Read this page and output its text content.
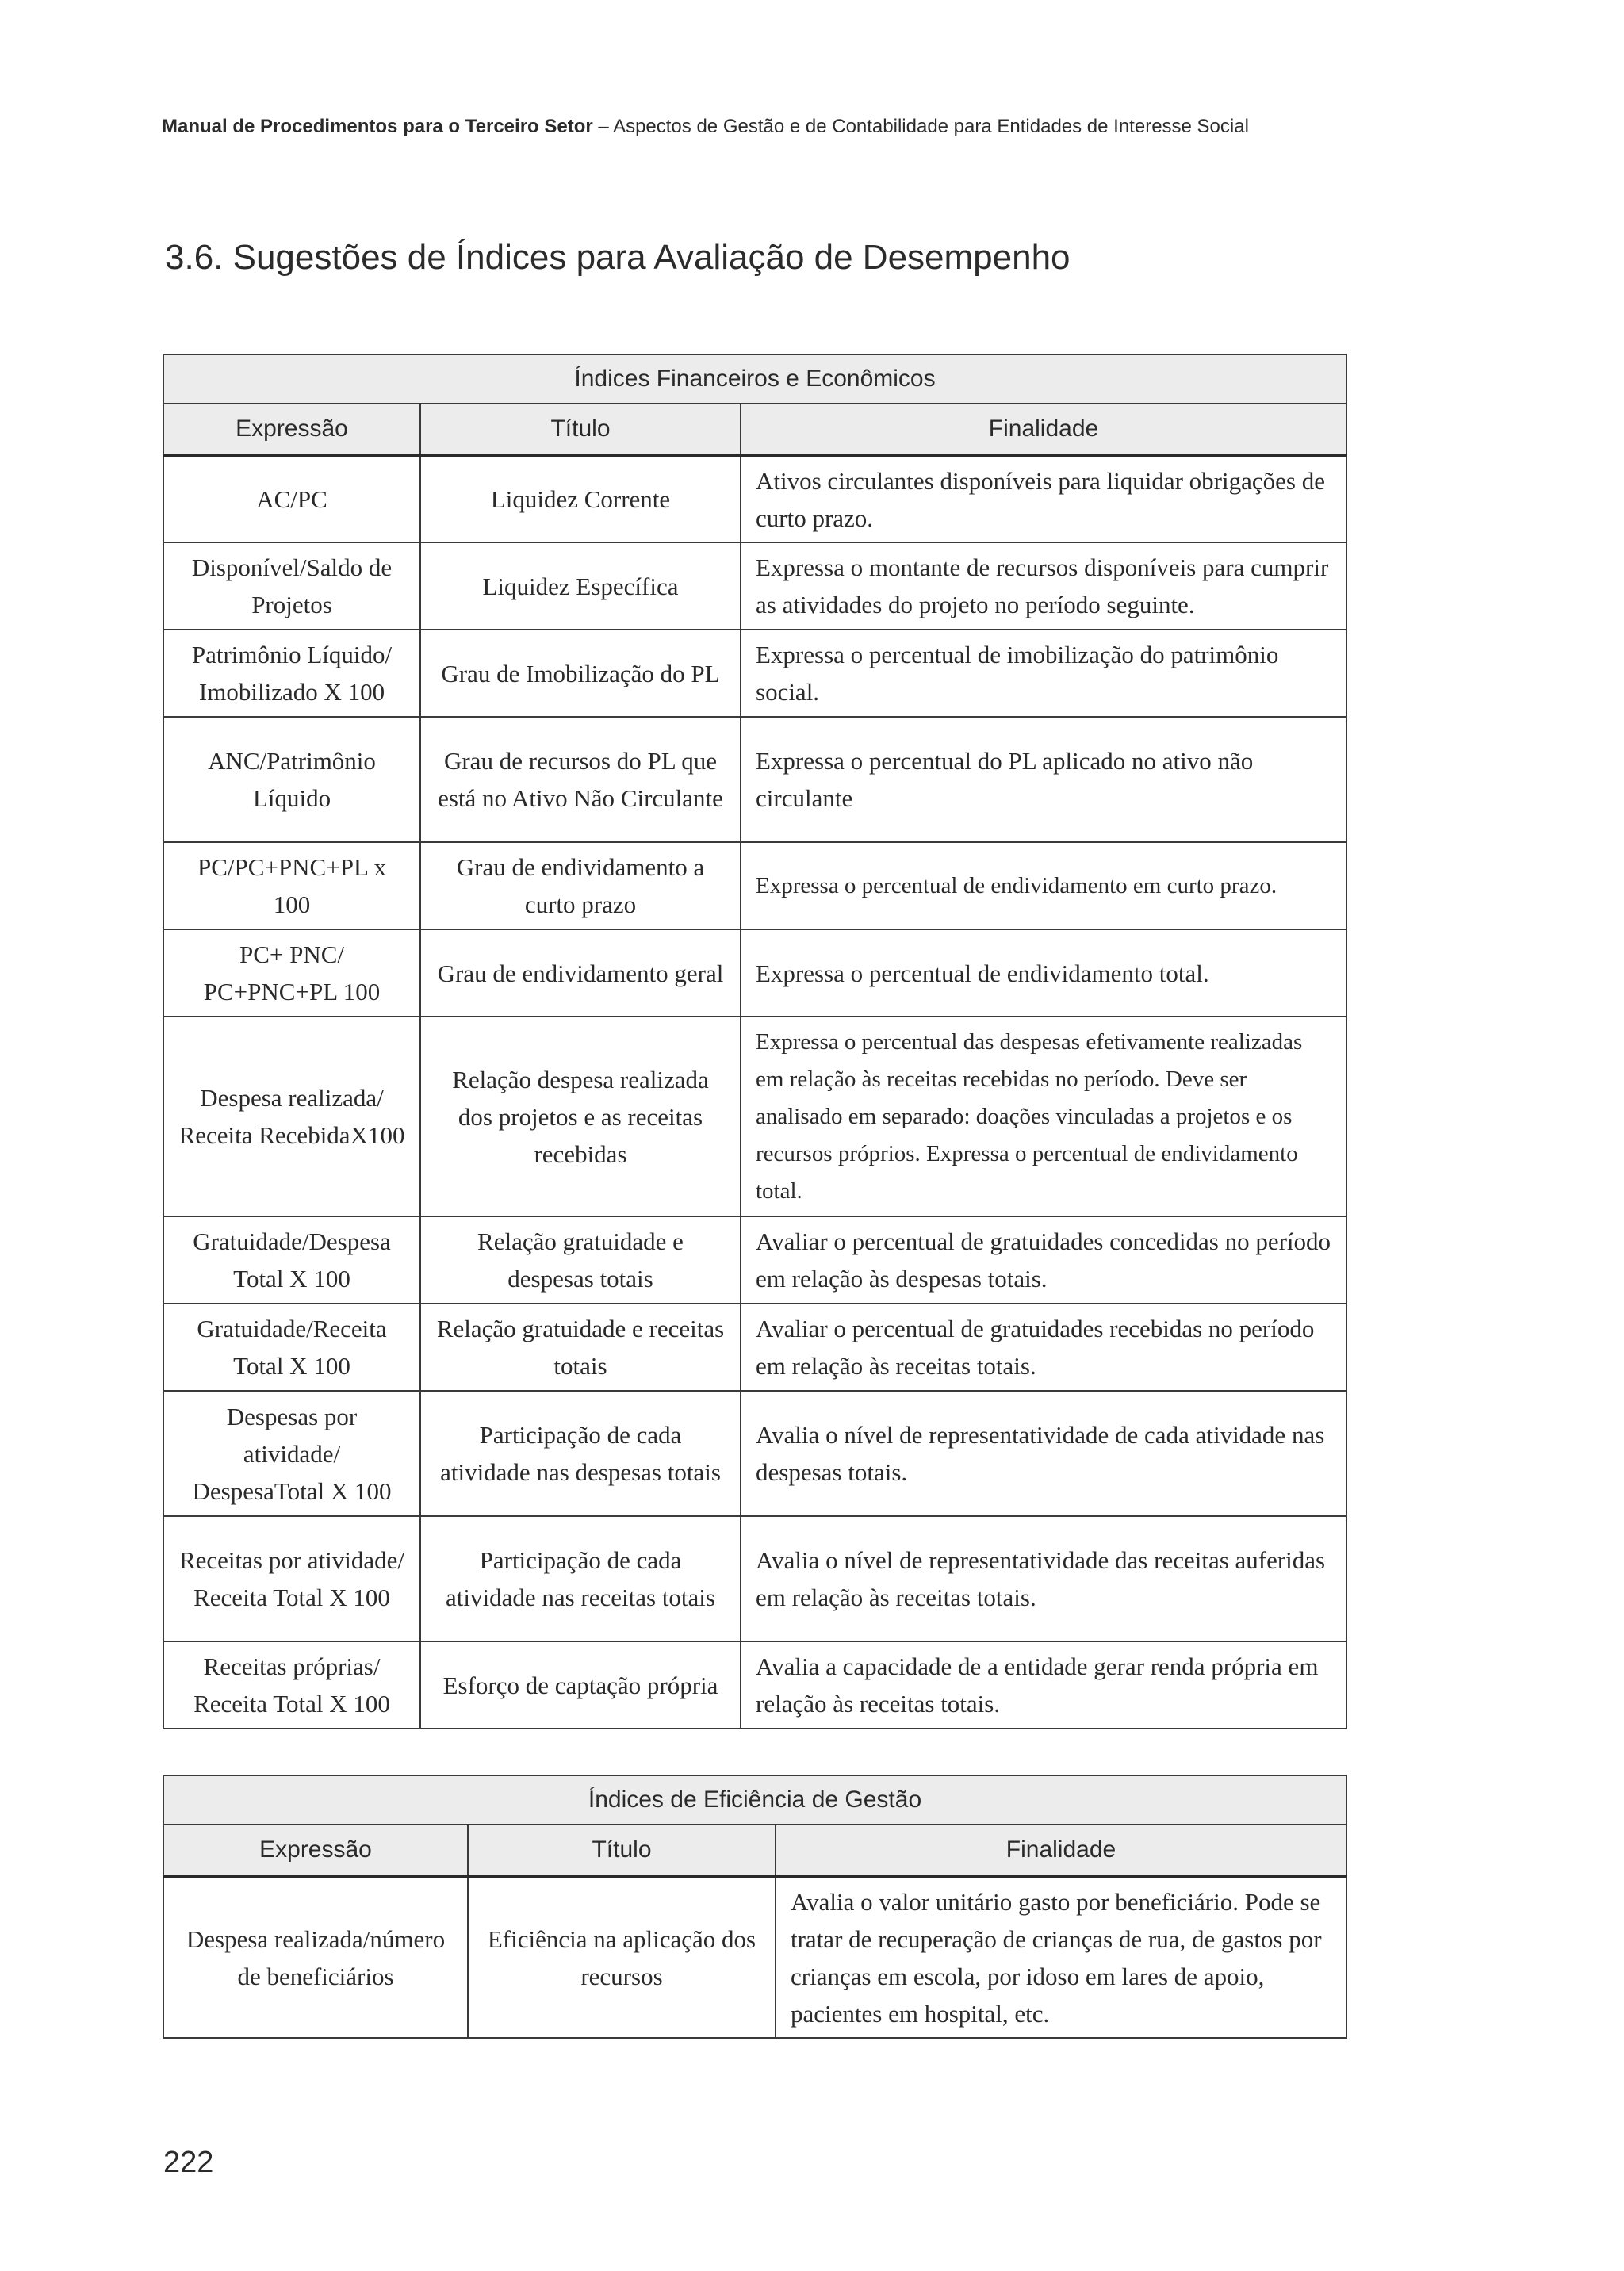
Manual de Procedimentos para o Terceiro Setor – Aspectos de Gestão e de Contabilidade para Entidades de Interesse Social
3.6. Sugestões de Índices para Avaliação de Desempenho
Índices Financeiros e Econômicos		
Expressão	Título	Finalidade
AC/PC	Liquidez Corrente	Ativos circulantes disponíveis para liquidar obrigações de curto prazo.
Disponível/Saldo de Projetos	Liquidez Específica	Expressa o montante de recursos disponíveis para cumprir as atividades do projeto no período seguinte.
Patrimônio Líquido/ Imobilizado X 100	Grau de Imobilização do PL	Expressa o percentual de imobilização do patrimônio social.
ANC/Patrimônio Líquido	Grau de recursos do PL que está no Ativo Não Circulante	Expressa o percentual do PL aplicado no ativo não circulante
PC/PC+PNC+PL x 100	Grau de endividamento a curto prazo	Expressa o percentual de endividamento em curto prazo.
PC+ PNC/ PC+PNC+PL 100	Grau de endividamento geral	Expressa o percentual de endividamento total.
Despesa realizada/ Receita RecebidaX100	Relação despesa realizada dos projetos e as receitas recebidas	Expressa o percentual das despesas efetivamente realizadas em relação às receitas recebidas no período. Deve ser analisado em separado: doações vinculadas a projetos e os recursos próprios. Expressa o percentual de endividamento total.
Gratuidade/Despesa Total X 100	Relação gratuidade e despesas totais	Avaliar o percentual de gratuidades concedidas no período em relação às despesas totais.
Gratuidade/Receita Total X 100	Relação gratuidade e receitas totais	Avaliar o percentual de gratuidades recebidas no período em relação às receitas totais.
Despesas por atividade/ DespesaTotal X 100	Participação de cada atividade nas despesas totais	Avalia o nível de representatividade de cada atividade nas despesas totais.
Receitas por atividade/ Receita Total X 100	Participação de cada atividade nas receitas totais	Avalia o nível de representatividade das receitas auferidas em relação às receitas totais.
Receitas próprias/ Receita Total X 100	Esforço de captação própria	Avalia a capacidade de a entidade gerar renda própria em relação às receitas totais.
Índices de Eficiência de Gestão		
Expressão	Título	Finalidade
Despesa realizada/número de beneficiários	Eficiência na aplicação dos recursos	Avalia o valor unitário gasto por beneficiário. Pode se tratar de recuperação de crianças de rua, de gastos por crianças em escola, por idoso em lares de apoio, pacientes em hospital, etc.
222
